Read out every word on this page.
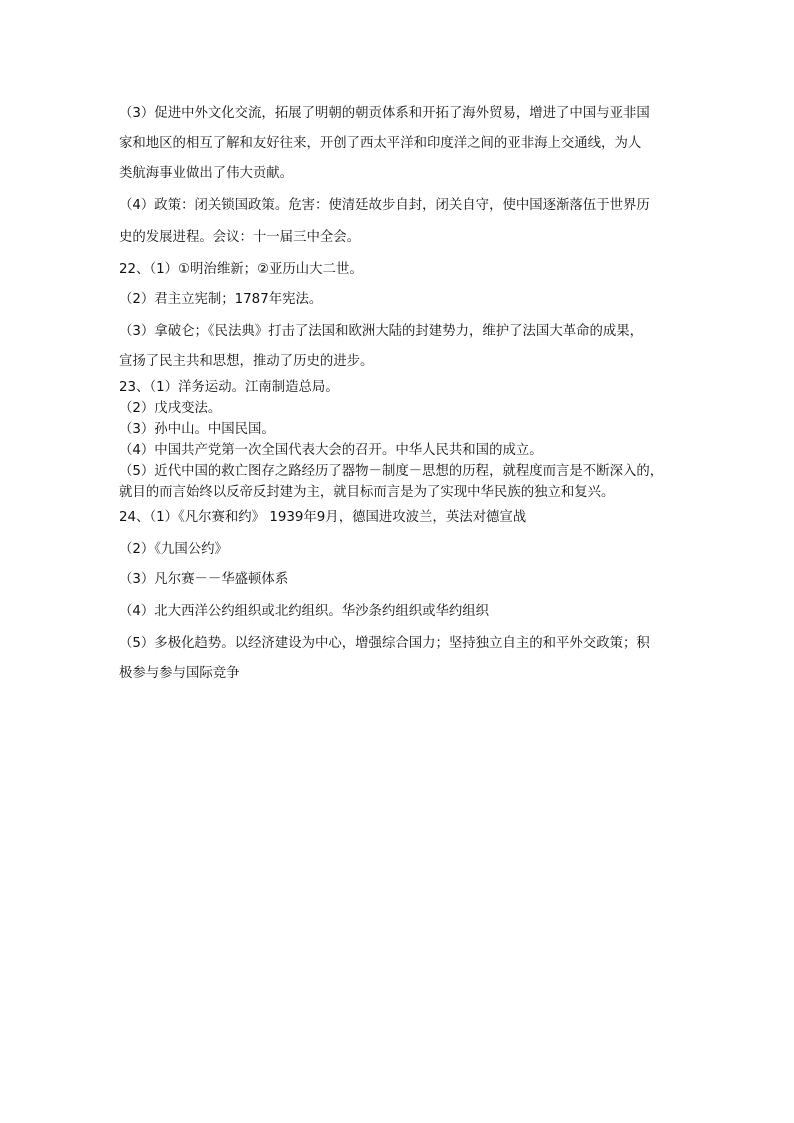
（3）促进中外文化交流，拓展了明朝的朝贡体系和开拓了海外贸易，增进了中国与亚非国
家和地区的相互了解和友好往来，开创了西太平洋和印度洋之间的亚非海上交通线，为人
类航海事业做出了伟大贡献。
（4）政策：闭关锁国政策。危害：使清廷故步自封，闭关自守，使中国逐渐落伍于世界历
史的发展进程。会议：十一届三中全会。
22、（1）①明治维新；②亚历山大二世。
（2）君主立宪制；1787年宪法。
（3）拿破仑；《民法典》打击了法国和欧洲大陆的封建势力，维护了法国大革命的成果，
宣扬了民主共和思想，推动了历史的进步。
23、（1）洋务运动。江南制造总局。
（2）戊戌变法。
（3）孙中山。中国民国。
（4）中国共产党第一次全国代表大会的召开。中华人民共和国的成立。
（5）近代中国的救亡图存之路经历了器物－制度－思想的历程，就程度而言是不断深入的，
就目的而言始终以反帝反封建为主，就目标而言是为了实现中华民族的独立和复兴。
24、（1）《凡尔赛和约》 1939年9月，德国进攻波兰，英法对德宣战
（2）《九国公约》
（3）凡尔赛－－华盛顿体系
（4）北大西洋公约组织或北约组织。华沙条约组织或华约组织
（5）多极化趋势。以经济建设为中心，增强综合国力；坚持独立自主的和平外交政策；积
极参与参与国际竞争
